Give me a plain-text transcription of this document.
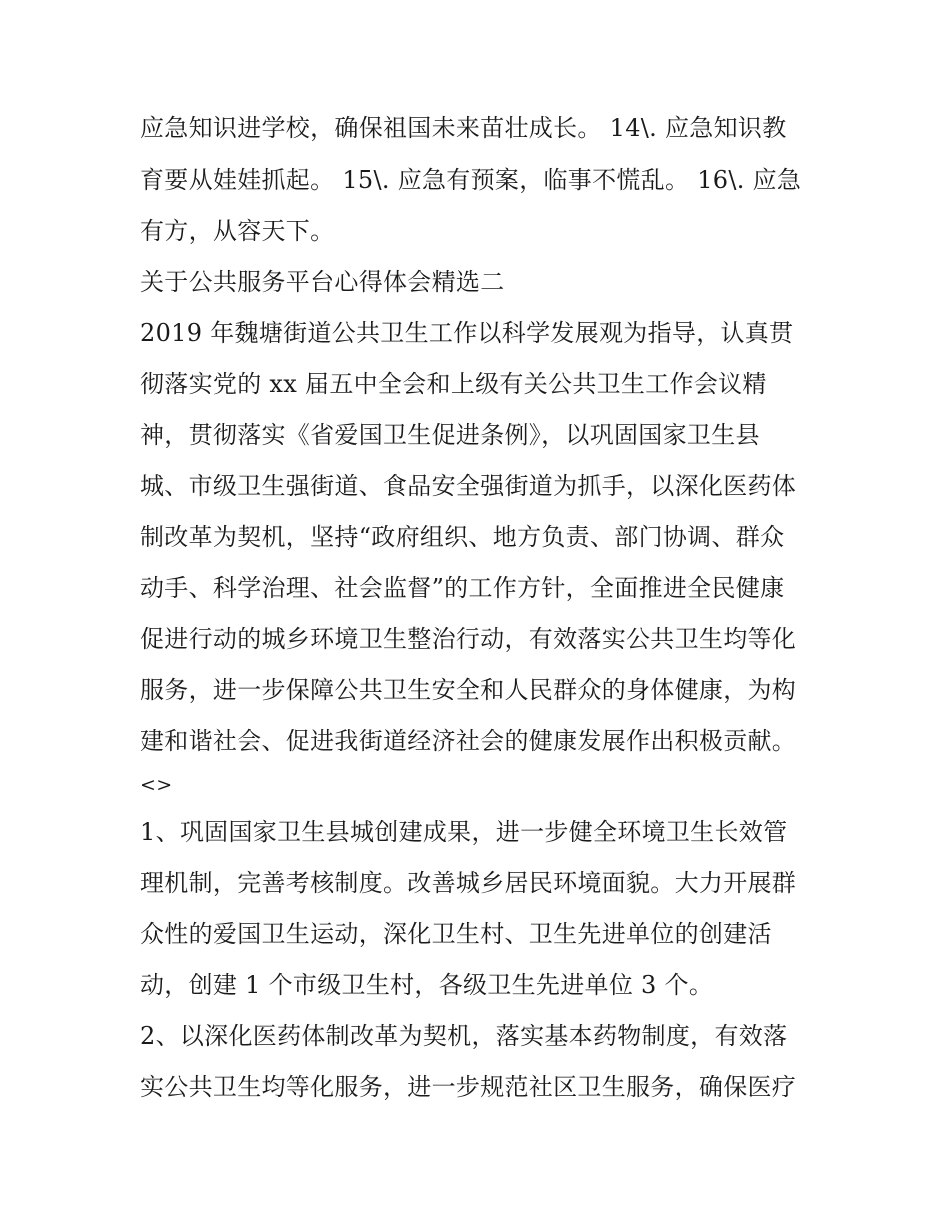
应急知识进学校，确保祖国未来苗壮成长。 14\. 应急知识教

育要从娃娃抓起。 15\. 应急有预案，临事不慌乱。 16\. 应急

有方，从容天下。

关于公共服务平台心得体会精选二

2019 年魏塘街道公共卫生工作以科学发展观为指导，认真贯

彻落实党的 xx 届五中全会和上级有关公共卫生工作会议精

神，贯彻落实《省爱国卫生促进条例》，以巩固国家卫生县

城、市级卫生强街道、食品安全强街道为抓手，以深化医药体

制改革为契机，坚持“政府组织、地方负责、部门协调、群众

动手、科学治理、社会监督”的工作方针，全面推进全民健康

促进行动的城乡环境卫生整治行动，有效落实公共卫生均等化

服务，进一步保障公共卫生安全和人民群众的身体健康，为构

建和谐社会、促进我街道经济社会的健康发展作出积极贡献。

<>

1、巩固国家卫生县城创建成果，进一步健全环境卫生长效管

理机制，完善考核制度。改善城乡居民环境面貌。大力开展群

众性的爱国卫生运动，深化卫生村、卫生先进单位的创建活

动，创建 1 个市级卫生村，各级卫生先进单位 3 个。

2、以深化医药体制改革为契机，落实基本药物制度，有效落

实公共卫生均等化服务，进一步规范社区卫生服务，确保医疗
